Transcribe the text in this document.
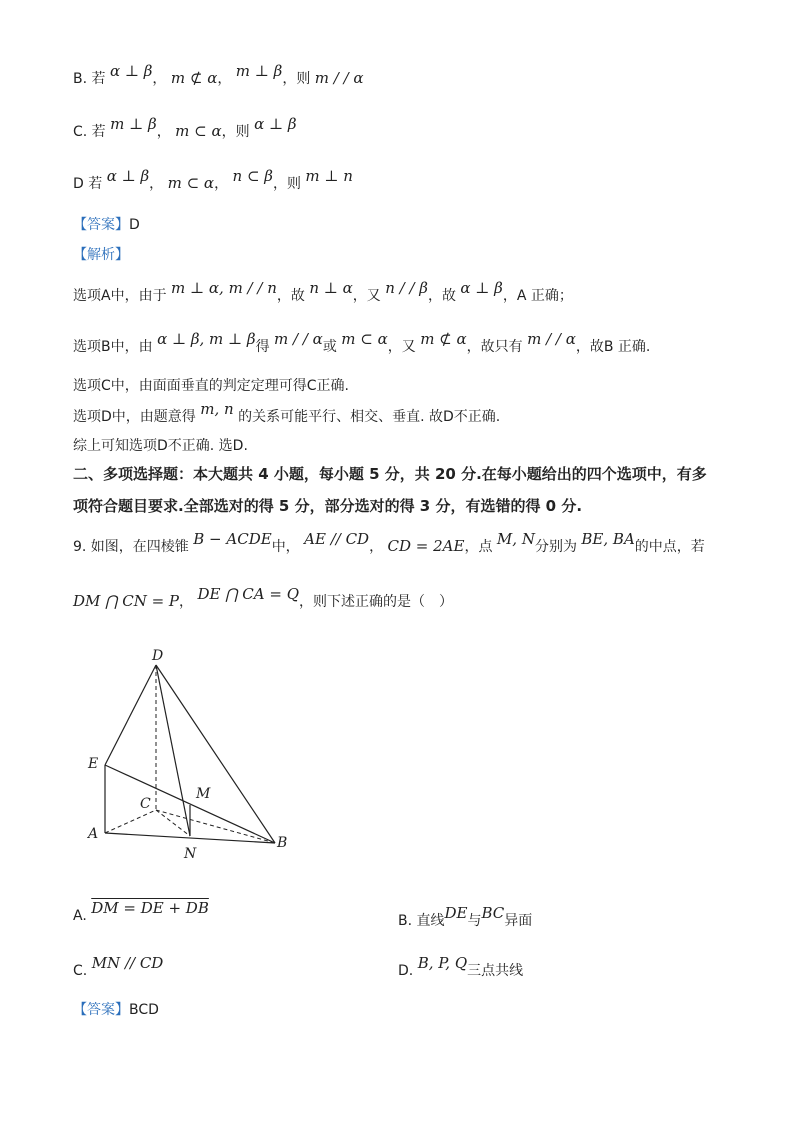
B. 若 α ⊥ β， m ⊄ α， m ⊥ β，则 m / / α
C. 若 m ⊥ β， m ⊂ α，则 α ⊥ β
D 若 α ⊥ β， m ⊂ α， n ⊂ β，则 m ⊥ n
【答案】D
【解析】
选项A中，由于 m ⊥ α, m / / n，故 n ⊥ α，又 n / / β，故 α ⊥ β，A 正确；
选项B中，由 α ⊥ β, m ⊥ β得 m / / α或 m ⊂ α，又 m ⊄ α，故只有 m / / α，故B 正确.
选项C中，由面面垂直的判定定理可得C正确.
选项D中，由题意得 m, n 的关系可能平行、相交、垂直. 故D不正确.
综上可知选项D不正确. 选D.
二、多项选择题：本大题共 4 小题，每小题 5 分，共 20 分.在每小题给出的四个选项中，有多
项符合题目要求.全部选对的得 5 分，部分选对的得 3 分，有选错的得 0 分.
9. 如图，在四棱锥 B − ACDE中， AE // CD， CD = 2AE，点 M, N分别为 BE, BA的中点，若
DM ⋂ CN = P， DE ⋂ CA = Q，则下述正确的是（　）
D
E
C
M
A
N
B
A. DM = DE + DB
B. 直线DE与BC异面
C. MN // CD	D. B, P, Q三点共线
【答案】BCD
